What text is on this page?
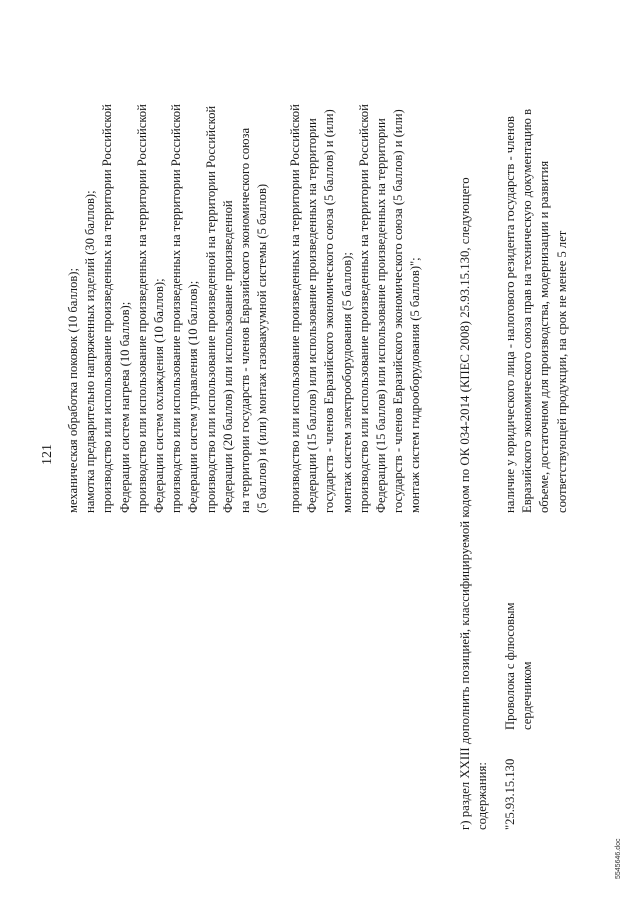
121 механическая обработка поковок (10 баллов); намотка предварительно напряженных изделий (30 баллов); производство или использование произведенных на территории Российской Федерации систем нагрева (10 баллов); производство или использование произведенных на территории Российской Федерации систем охлаждения (10 баллов); производство или использование произведенных на территории Российской Федерации систем управления (10 баллов); производство или использование произведенной на территории Российской Федерации (20 баллов) или использование произведенной на территории государств - членов Евразийского экономического союза (5 баллов) и (или) монтаж газовакуумной системы (5 баллов) производство или использование произведенных на территории Российской Федерации (15 баллов) или использование произведенных на территории государств - членов Евразийского экономического союза (5 баллов) и (или) монтаж систем электрооборудования (5 баллов); производство или использование произведенных на территории Российской Федерации (15 баллов) или использование произведенных на территории государств - членов Евразийского экономического союза (5 баллов) и (или) монтаж систем гидрооборудования (5 баллов)";	г) раздел XXIII дополнить позицией, классифицируемой кодом по ОК 034-2014 (КПЕС 2008) 25.93.15.130, следующего содержания: "25.93.15.130
Проволока с флюсовым сердечником
наличие у юридического лица - налогового резидента государств - членов Евразийского экономического союза прав на техническую документацию в объеме, достаточном для производства, модернизации и развития соответствующей продукции, на срок не менее 5 лет
5545646.doc
